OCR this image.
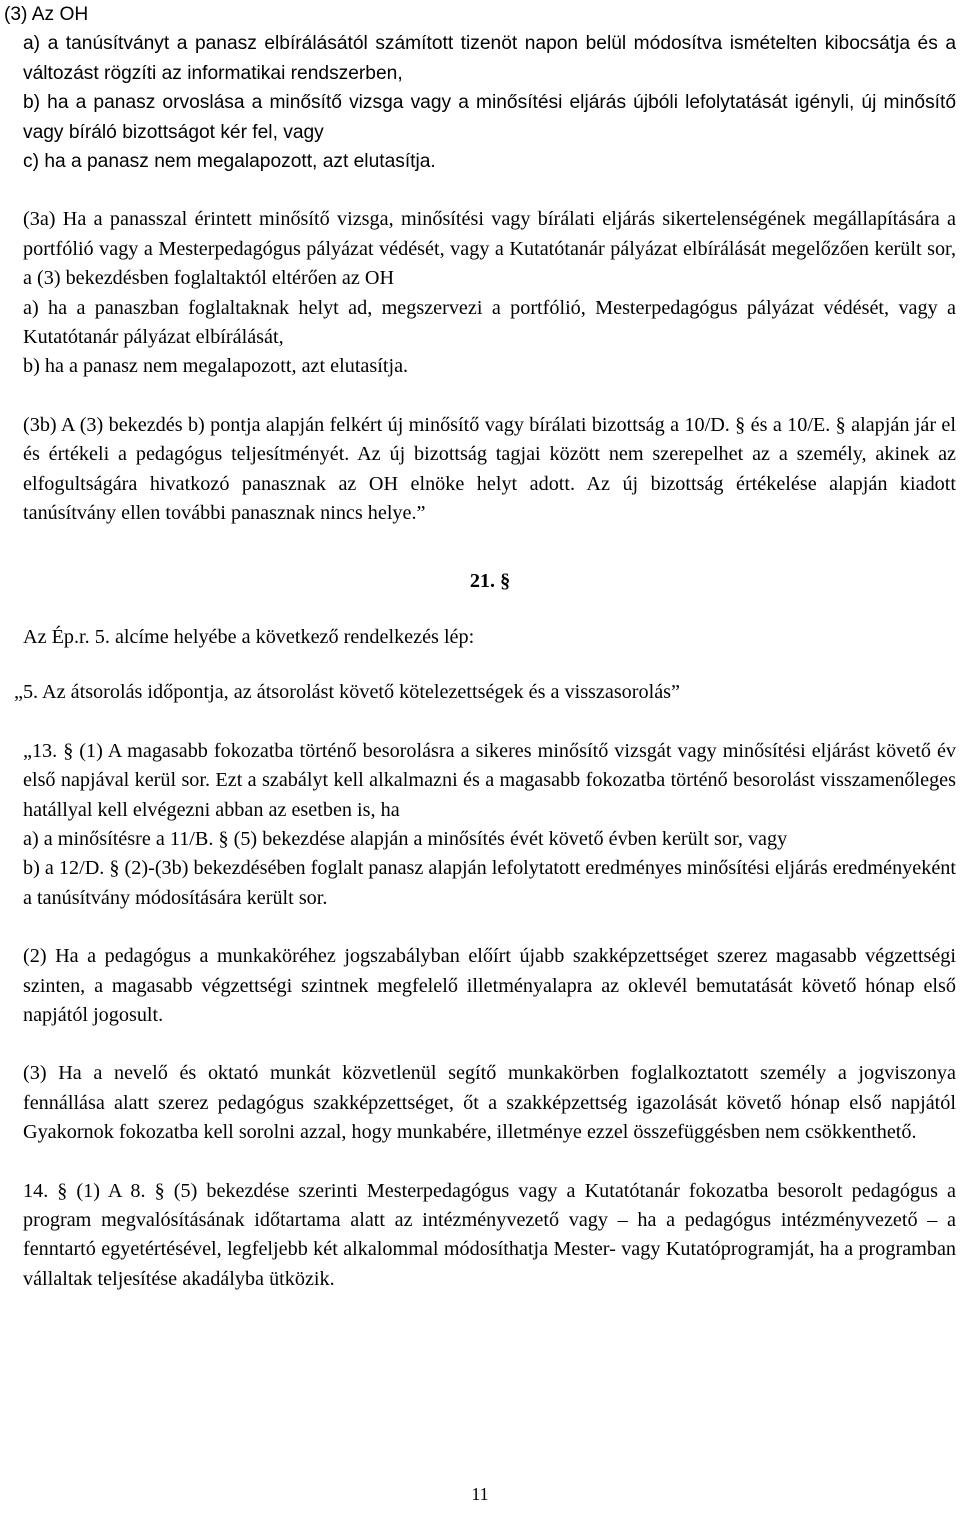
(3) Az OH

a) a tanúsítványt a panasz elbírálásától számított tizenöt napon belül módosítva ismételten kibocsátja és a változást rögzíti az informatikai rendszerben,

b) ha a panasz orvoslása a minősítő vizsga vagy a minősítési eljárás újbóli lefolytatását igényli, új minősítő vagy bíráló bizottságot kér fel, vagy

c) ha a panasz nem megalapozott, azt elutasítja.

(3a) Ha a panasszal érintett minősítő vizsga, minősítési vagy bírálati eljárás sikertelenségének megállapítására a portfólió vagy a Mesterpedagógus pályázat védését, vagy a Kutatótanár pályázat elbírálását megelőzően került sor, a (3) bekezdésben foglaltaktól eltérően az OH

a) ha a panaszban foglaltaknak helyt ad, megszervezi a portfólió, Mesterpedagógus pályázat védését, vagy a Kutatótanár pályázat elbírálását,

b) ha a panasz nem megalapozott, azt elutasítja.

(3b) A (3) bekezdés b) pontja alapján felkért új minősítő vagy bírálati bizottság a 10/D. § és a 10/E. § alapján jár el és értékeli a pedagógus teljesítményét. Az új bizottság tagjai között nem szerepelhet az a személy, akinek az elfogultságára hivatkozó panasznak az OH elnöke helyt adott. Az új bizottság értékelése alapján kiadott tanúsítvány ellen további panasznak nincs helye.”

21. §

Az Ép.r. 5. alcíme helyébe a következő rendelkezés lép:

„5. Az átsorolás időpontja, az átsorolást követő kötelezettségek és a visszasorolás”

„13. § (1) A magasabb fokozatba történő besorolásra a sikeres minősítő vizsgát vagy minősítési eljárást követő év első napjával kerül sor. Ezt a szabályt kell alkalmazni és a magasabb fokozatba történő besorolást visszamenőleges hatállyal kell elvégezni abban az esetben is, ha

a) a minősítésre a 11/B. § (5) bekezdése alapján a minősítés évét követő évben került sor, vagy

b) a 12/D. § (2)-(3b) bekezdésében foglalt panasz alapján lefolytatott eredményes minősítési eljárás eredményeként a tanúsítvány módosítására került sor.

(2) Ha a pedagógus a munkaköréhez jogszabályban előírt újabb szakképzettséget szerez magasabb végzettségi szinten, a magasabb végzettségi szintnek megfelelő illetményalapra az oklevél bemutatását követő hónap első napjától jogosult.

(3) Ha a nevelő és oktató munkát közvetlenül segítő munkakörben foglalkoztatott személy a jogviszonya fennállása alatt szerez pedagógus szakképzettséget, őt a szakképzettség igazolását követő hónap első napjától Gyakornok fokozatba kell sorolni azzal, hogy munkabére, illetménye ezzel összefüggésben nem csökkenthető.

14. § (1) A 8. § (5) bekezdése szerinti Mesterpedagógus vagy a Kutatótanár fokozatba besorolt pedagógus a program megvalósításának időtartama alatt az intézményvezető vagy – ha a pedagógus intézményvezető – a fenntartó egyetértésével, legfeljebb két alkalommal módosíthatja Mester- vagy Kutatóprogramját, ha a programban vállaltak teljesítése akadályba ütközik.

11
